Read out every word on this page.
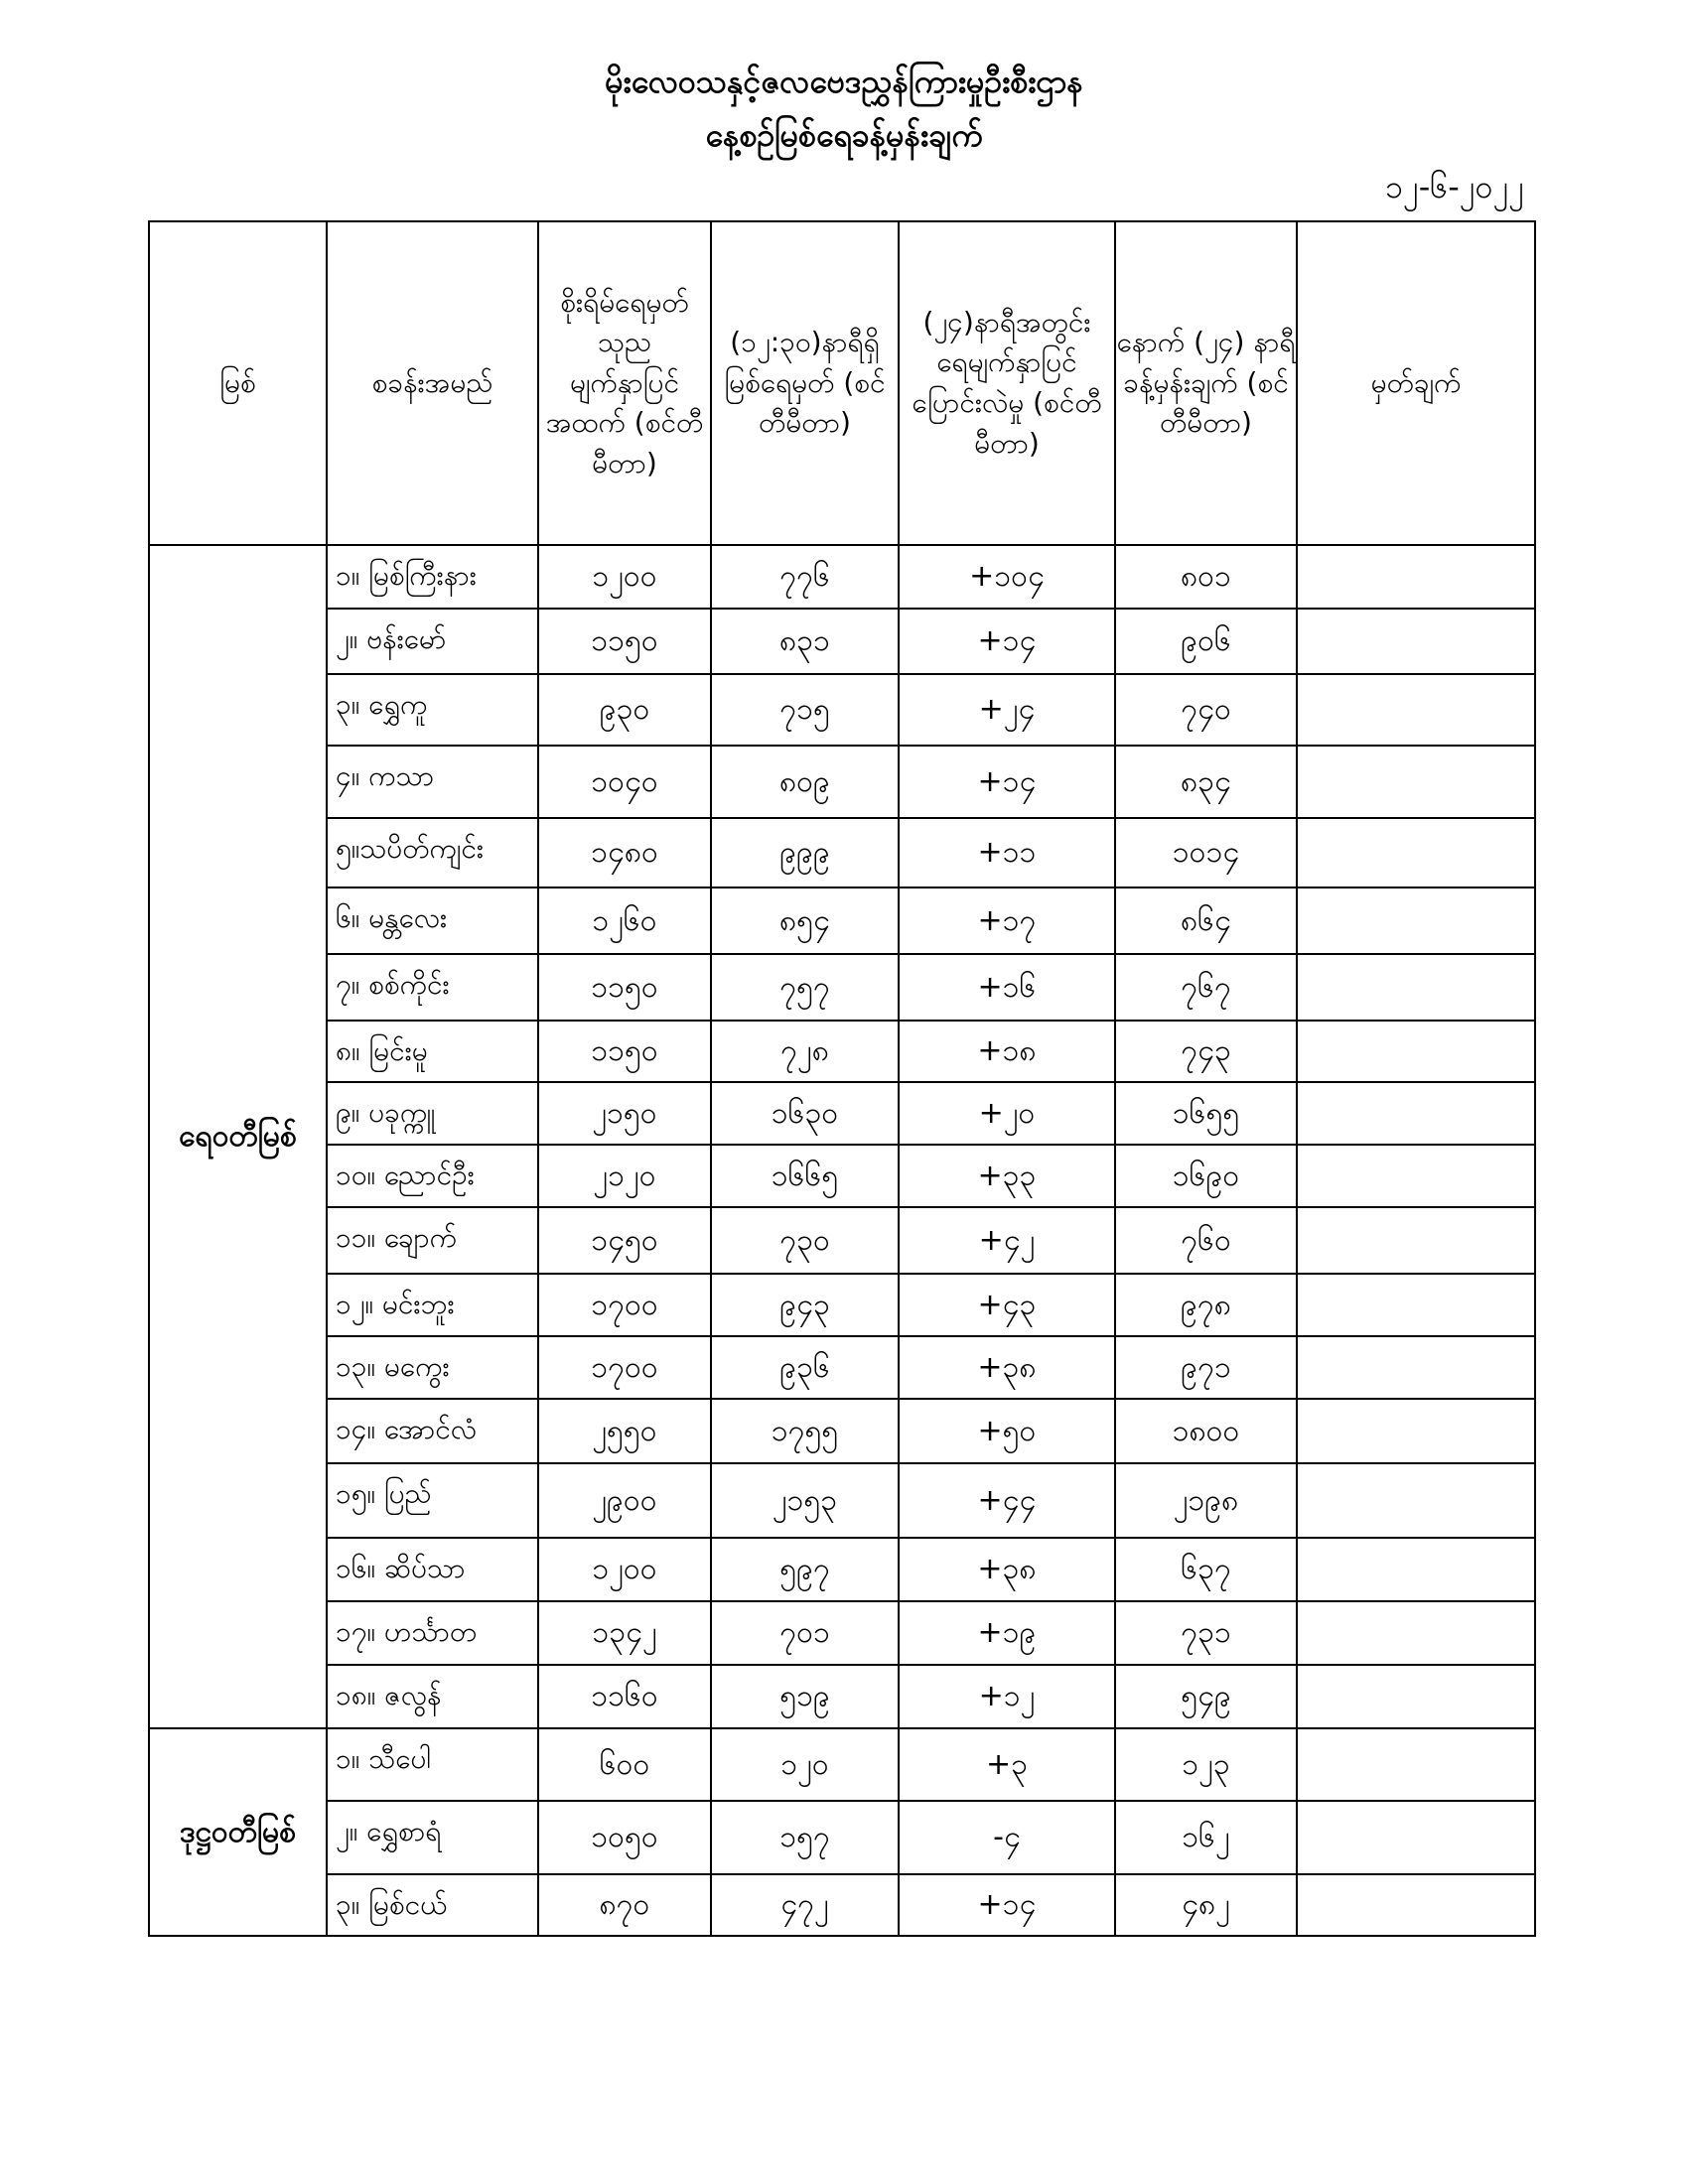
မိုးလေဝသနှင့်ဇလဗေဒညွှန်ကြားမှုဦးစီးဌာန
နေ့စဉ်မြစ်ရေခန့်မှန်းချက်
၁၂-၆-၂၀၂၂
မြစ်	စခန်းအမည်	စိုးရိမ်ရေမှတ် သုည မျက်နှာပြင် အထက် (စင်တီမီတာ)	(၁၂:၃၀)နာရီရှိ မြစ်ရေမှတ် (စင်တီမီတာ)	(၂၄)နာရီအတွင်း ရေမျက်နှာပြင် ပြောင်းလဲမှု (စင်တီမီတာ)	နောက် (၂၄) နာရီ ခန့်မှန်းချက် (စင်တီမီတာ)	မှတ်ချက်
ရေဝတီမြစ်	၁။ မြစ်ကြီးနား	၁၂၀၀	၇၇၆	+၁၀၄	၈၀၁	
	၂။ ဗန်းမော်	၁၁၅၀	၈၃၁	+၁၄	၉၀၆	
	၃။ ရွှေကူ	၉၃၀	၇၁၅	+၂၄	၇၄၀	
	၄။ ကသာ	၁၀၄၀	၈၀၉	+၁၄	၈၃၄	
	၅။သပိတ်ကျင်း	၁၄၈၀	၉၉၉	+၁၁	၁၀၁၄	
	၆။ မန္တလေး	၁၂၆၀	၈၅၄	+၁၇	၈၆၄	
	၇။ စစ်ကိုင်း	၁၁၅၀	၇၅၇	+၁၆	၇၆၇	
	၈။ မြင်းမူ	၁၁၅၀	၇၂၈	+၁၈	၇၄၃	
	၉။ ပခုက္ကူ	၂၁၅၀	၁၆၃၀	+၂၀	၁၆၅၅	
	၁၀။ ညောင်ဦး	၂၁၂၀	၁၆၆၅	+၃၃	၁၆၉၀	
	၁၁။ ချောက်	၁၄၅၀	၇၃၀	+၄၂	၇၆၀	
	၁၂။ မင်းဘူး	၁၇၀၀	၉၄၃	+၄၃	၉၇၈	
	၁၃။ မကွေး	၁၇၀၀	၉၃၆	+၃၈	၉၇၁	
	၁၄။ အောင်လံ	၂၅၅၀	၁၇၅၅	+၅၀	၁၈၀၀	
	၁၅။ ပြည်	၂၉၀၀	၂၁၅၃	+၄၄	၂၁၉၈	
	၁၆။ ဆိပ်သာ	၁၂၀၀	၅၉၇	+၃၈	၆၃၇	
	၁၇။ ဟင်္သာတ	၁၃၄၂	၇၀၁	+၁၉	၇၃၁	
	၁၈။ ဇလွန်	၁၁၆၀	၅၁၉	+၁၂	၅၄၉	
ဒုဋ္ဌဝတီမြစ်	၁။ သီပေါ	၆၀၀	၁၂၀	+၃	၁၂၃	
	၂။ ရွှေစာရံ	၁၀၅၀	၁၅၇	-၄	၁၆၂	
	၃။ မြစ်ငယ်	၈၇၀	၄၇၂	+၁၄	၄၈၂	
